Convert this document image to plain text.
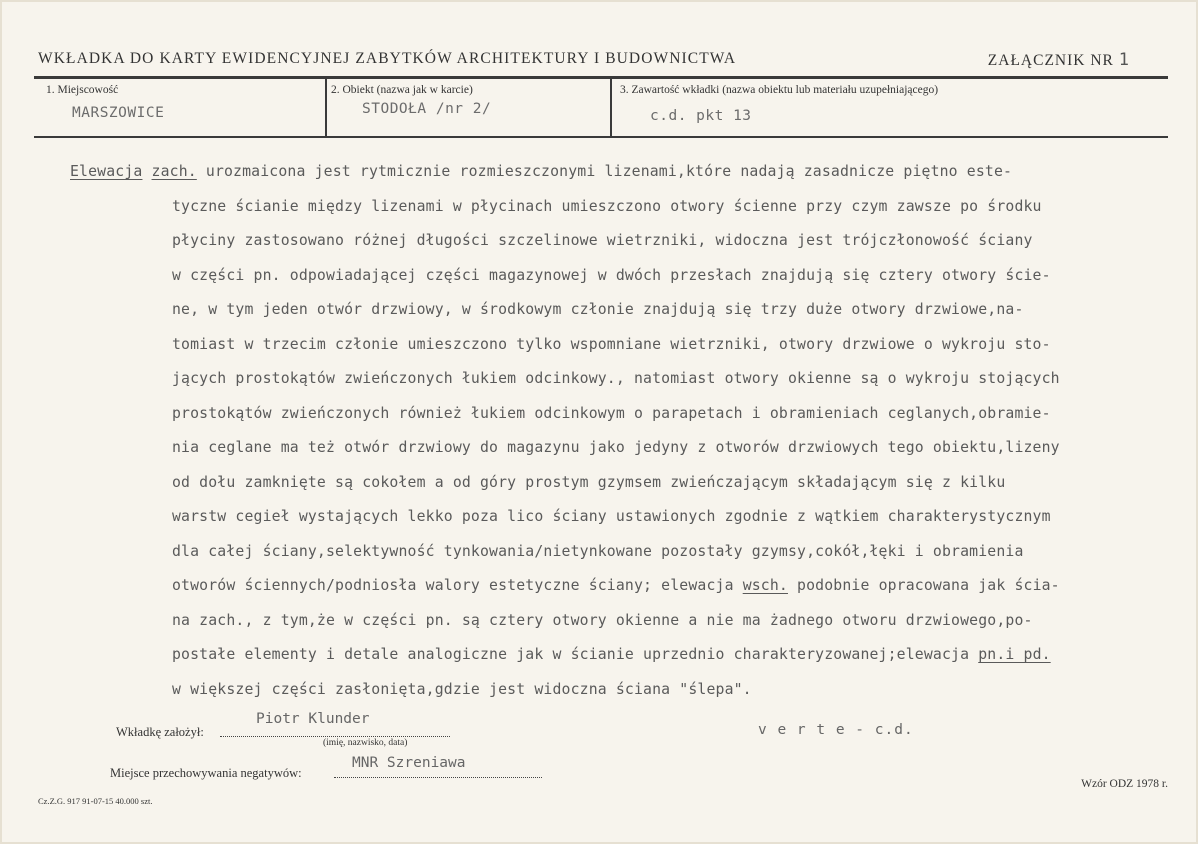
WKŁADKA DO KARTY EWIDENCYJNEJ ZABYTKÓW ARCHITEKTURY I BUDOWNICTWA	ZAŁĄCZNIK NR 1
1. Miejscowość
MARSZOWICE
2. Obiekt (nazwa jak w karcie)
STODOŁA /nr 2/
3. Zawartość wkładki (nazwa obiektu lub materiału uzupełniającego)
c.d. pkt 13
Elewacja zach. urozmaicona jest rytmicznie rozmieszczonymi lizenami,które nadają zasadnicze piętno este-
tyczne ścianie między lizenami w płycinach umieszczono otwory ścienne przy czym zawsze po środku
płyciny zastosowano różnej długości szczelinowe wietrzniki, widoczna jest trójczłonowość ściany
w części pn. odpowiadającej części magazynowej w dwóch przesłach znajdują się cztery otwory ście-
ne, w tym jeden otwór drzwiowy, w środkowym członie znajdują się trzy duże otwory drzwiowe,na-
tomiast w trzecim członie umieszczono tylko wspomniane wietrzniki, otwory drzwiowe o wykroju sto-
jących prostokątów zwieńczonych łukiem odcinkowy., natomiast otwory okienne są o wykroju stojących
prostokątów zwieńczonych również łukiem odcinkowym o parapetach i obramieniach ceglanych,obramie-
nia ceglane ma też otwór drzwiowy do magazynu jako jedyny z otworów drzwiowych tego obiektu,lizeny
od dołu zamknięte są cokołem a od góry prostym gzymsem zwieńczającym składającym się z kilku
warstw cegieł wystających lekko poza lico ściany ustawionych zgodnie z wątkiem charakterystycznym
dla całej ściany,selektywność tynkowania/nietynkowane pozostały gzymsy,cokół,łęki i obramienia
otworów ściennych/podniosła walory estetyczne ściany; elewacja wsch. podobnie opracowana jak ścia-
na zach., z tym,że w części pn. są cztery otwory okienne a nie ma żadnego otworu drzwiowego,po-
postałe elementy i detale analogiczne jak w ścianie uprzednio charakteryzowanej;elewacja pn.i pd.
w większej części zasłonięta,gdzie jest widoczna ściana "ślepa".
Wkładkę założył:
Piotr Klunder
(imię, nazwisko, data)
v e r t e - c.d.
Miejsce przechowywania negatywów:
MNR Szreniawa
Cz.Z.G. 917 91-07-15 40.000 szt.
Wzór ODZ 1978 r.
